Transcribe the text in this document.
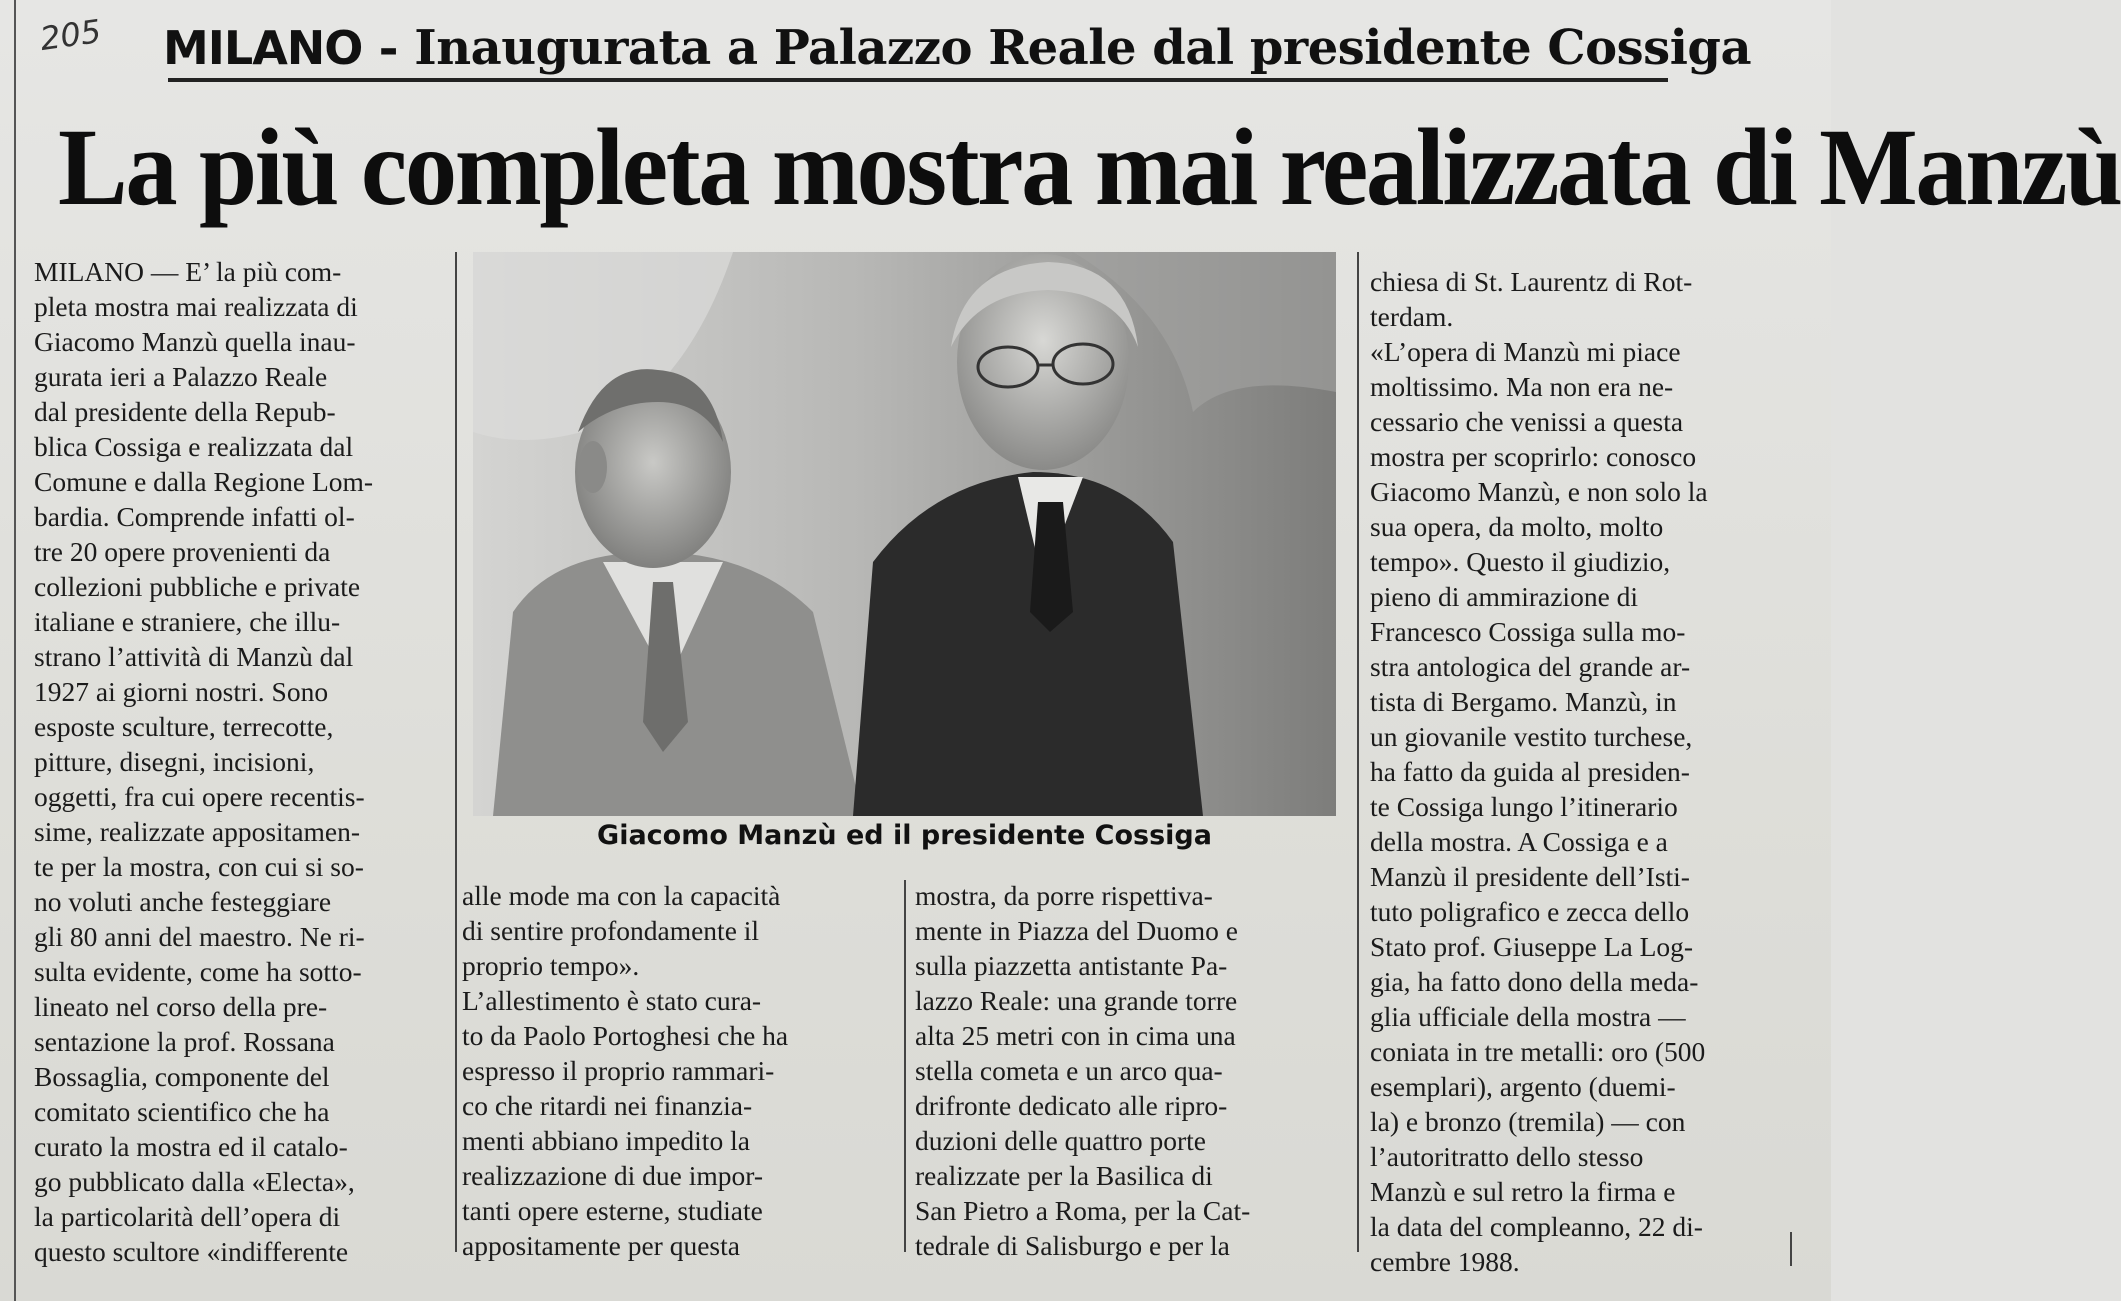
205 MILANO - Inaugurata a Palazzo Reale dal presidente Cossiga
La più completa mostra mai realizzata di Manzù
MILANO — E’ la più com-
pleta mostra mai realizzata di
Giacomo Manzù quella inau-
gurata ieri a Palazzo Reale
dal presidente della Repub-
blica Cossiga e realizzata dal
Comune e dalla Regione Lom-
bardia. Comprende infatti ol-
tre 20 opere provenienti da
collezioni pubbliche e private
italiane e straniere, che illu-
strano l’attività di Manzù dal
1927 ai giorni nostri. Sono
esposte sculture, terrecotte,
pitture, disegni, incisioni,
oggetti, fra cui opere recentis-
sime, realizzate appositamen-
te per la mostra, con cui si so-
no voluti anche festeggiare
gli 80 anni del maestro. Ne ri-
sulta evidente, come ha sotto-
lineato nel corso della pre-
sentazione la prof. Rossana
Bossaglia, componente del
comitato scientifico che ha
curato la mostra ed il catalo-
go pubblicato dalla «Electa»,
la particolarità dell’opera di
questo scultore «indifferente
Giacomo Manzù ed il presidente Cossiga
alle mode ma con la capacità
di sentire profondamente il
proprio tempo».
L’allestimento è stato cura-
to da Paolo Portoghesi che ha
espresso il proprio rammari-
co che ritardi nei finanzia-
menti abbiano impedito la
realizzazione di due impor-
tanti opere esterne, studiate
appositamente per questa
mostra, da porre rispettiva-
mente in Piazza del Duomo e
sulla piazzetta antistante Pa-
lazzo Reale: una grande torre
alta 25 metri con in cima una
stella cometa e un arco qua-
drifronte dedicato alle ripro-
duzioni delle quattro porte
realizzate per la Basilica di
San Pietro a Roma, per la Cat-
tedrale di Salisburgo e per la
chiesa di St. Laurentz di Rot-
terdam.
«L’opera di Manzù mi piace
moltissimo. Ma non era ne-
cessario che venissi a questa
mostra per scoprirlo: conosco
Giacomo Manzù, e non solo la
sua opera, da molto, molto
tempo». Questo il giudizio,
pieno di ammirazione di
Francesco Cossiga sulla mo-
stra antologica del grande ar-
tista di Bergamo. Manzù, in
un giovanile vestito turchese,
ha fatto da guida al presiden-
te Cossiga lungo l’itinerario
della mostra. A Cossiga e a
Manzù il presidente dell’Isti-
tuto poligrafico e zecca dello
Stato prof. Giuseppe La Log-
gia, ha fatto dono della meda-
glia ufficiale della mostra —
coniata in tre metalli: oro (500
esemplari), argento (duemi-
la) e bronzo (tremila) — con
l’autoritratto dello stesso
Manzù e sul retro la firma e
la data del compleanno, 22 di-
cembre 1988.
